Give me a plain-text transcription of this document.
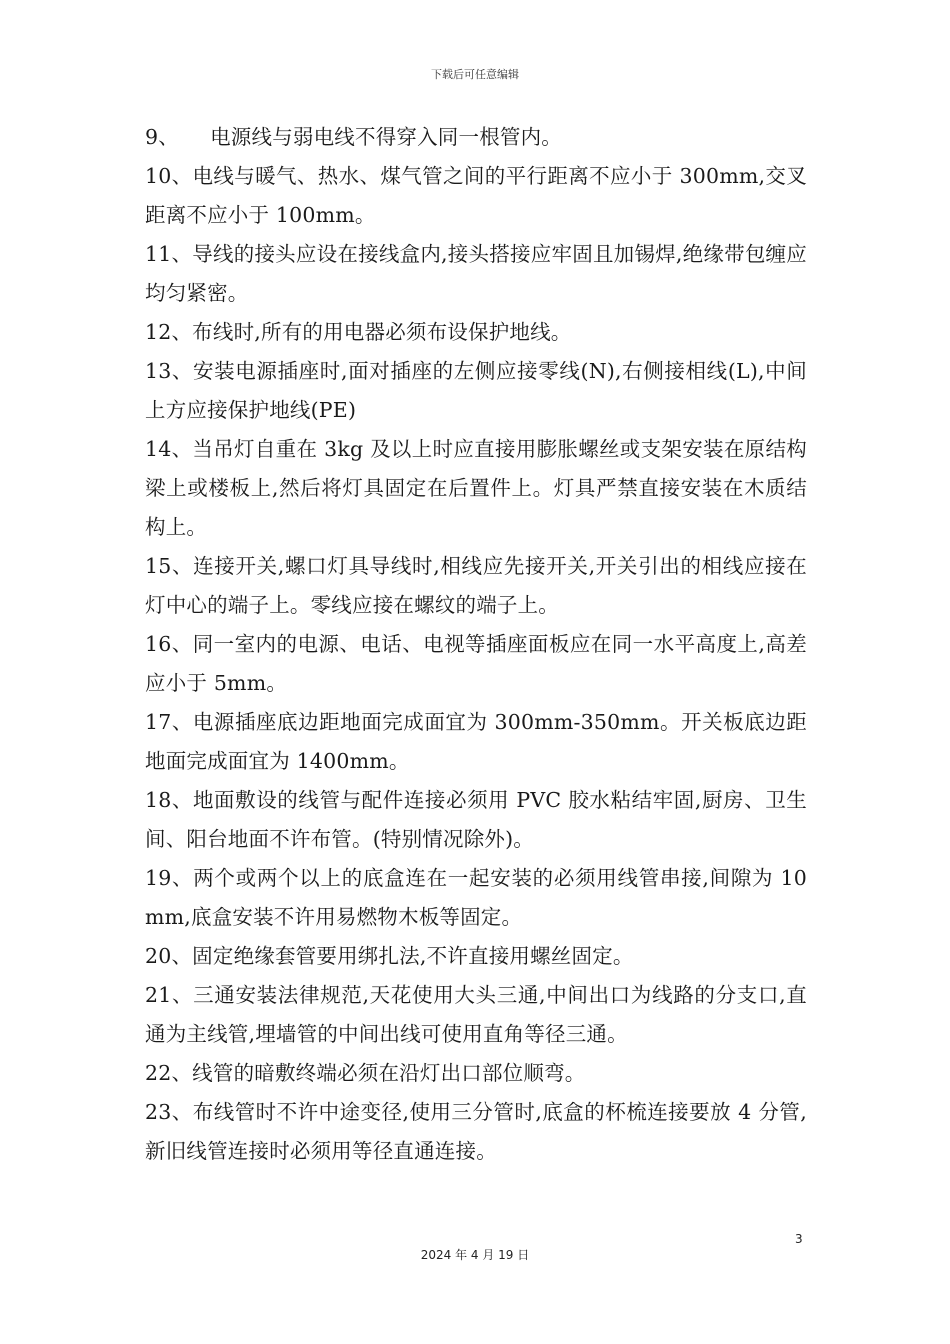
下载后可任意编辑

9、　　电源线与弱电线不得穿入同一根管内。

10、电线与暖气、热水、煤气管之间的平行距离不应小于 300mm,交叉距离不应小于 100mm。

11、导线的接头应设在接线盒内,接头搭接应牢固且加锡焊,绝缘带包缠应均匀紧密。

12、布线时,所有的用电器必须布设保护地线。

13、安装电源插座时,面对插座的左侧应接零线(N),右侧接相线(L),中间上方应接保护地线(PE)

14、当吊灯自重在 3kg 及以上时应直接用膨胀螺丝或支架安装在原结构梁上或楼板上,然后将灯具固定在后置件上。灯具严禁直接安装在木质结构上。

15、连接开关,螺口灯具导线时,相线应先接开关,开关引出的相线应接在灯中心的端子上。零线应接在螺纹的端子上。

16、同一室内的电源、电话、电视等插座面板应在同一水平高度上,高差应小于 5mm。

17、电源插座底边距地面完成面宜为 300mm-350mm。开关板底边距地面完成面宜为 1400mm。

18、地面敷设的线管与配件连接必须用 PVC 胶水粘结牢固,厨房、卫生间、阳台地面不许布管。(特别情况除外)。

19、两个或两个以上的底盒连在一起安装的必须用线管串接,间隙为 10mm,底盒安装不许用易燃物木板等固定。

20、固定绝缘套管要用绑扎法,不许直接用螺丝固定。

21、三通安装法律规范,天花使用大头三通,中间出口为线路的分支口,直通为主线管,埋墙管的中间出线可使用直角等径三通。

22、线管的暗敷终端必须在沿灯出口部位顺弯。

23、布线管时不许中途变径,使用三分管时,底盒的杯梳连接要放 4 分管,新旧线管连接时必须用等径直通连接。

3
2024 年 4 月 19 日
